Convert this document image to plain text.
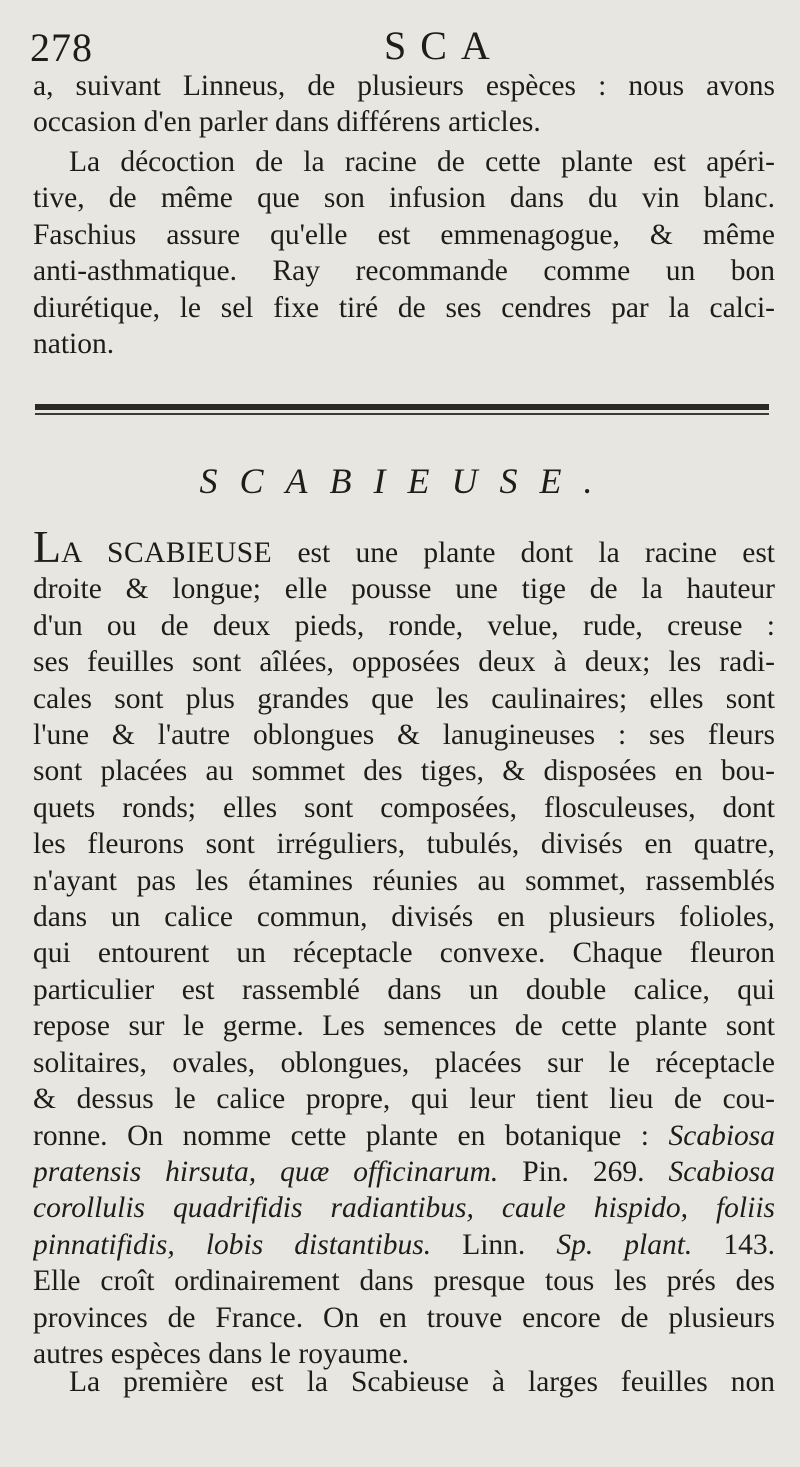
278	SCA
a, suivant Linneus, de plusieurs espèces : nous avons
occasion d'en parler dans différens articles.
La décoction de la racine de cette plante est apéri-
tive, de même que son infusion dans du vin blanc.
Faschius assure qu'elle est emmenagogue, & même
anti-asthmatique. Ray recommande comme un bon
diurétique, le sel fixe tiré de ses cendres par la calci-
nation.
SCABIEUSE.
LA SCABIEUSE est une plante dont la racine est
droite & longue; elle pousse une tige de la hauteur
d'un ou de deux pieds, ronde, velue, rude, creuse :
ses feuilles sont aîlées, opposées deux à deux; les radi-
cales sont plus grandes que les caulinaires; elles sont
l'une & l'autre oblongues & lanugineuses : ses fleurs
sont placées au sommet des tiges, & disposées en bou-
quets ronds; elles sont composées, flosculeuses, dont
les fleurons sont irréguliers, tubulés, divisés en quatre,
n'ayant pas les étamines réunies au sommet, rassemblés
dans un calice commun, divisés en plusieurs folioles,
qui entourent un réceptacle convexe. Chaque fleuron
particulier est rassemblé dans un double calice, qui
repose sur le germe. Les semences de cette plante sont
solitaires, ovales, oblongues, placées sur le réceptacle
& dessus le calice propre, qui leur tient lieu de cou-
ronne. On nomme cette plante en botanique : Scabiosa
pratensis hirsuta, quæ officinarum. Pin. 269. Scabiosa
corollulis quadrifidis radiantibus, caule hispido, foliis
pinnatifidis, lobis distantibus. Linn. Sp. plant. 143.
Elle croît ordinairement dans presque tous les prés des
provinces de France. On en trouve encore de plusieurs
autres espèces dans le royaume.
La première est la Scabieuse à larges feuilles non
